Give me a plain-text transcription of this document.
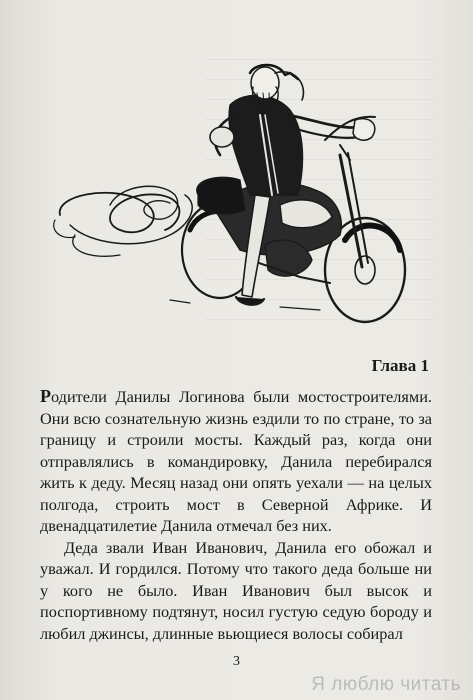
Глава 1

Родители Данилы Логинова были мостостроителями. Они всю сознательную жизнь ездили то по стране, то за границу и строили мосты. Каждый раз, когда они отправлялись в командировку, Данила перебирался жить к деду. Месяц назад они опять уехали — на целых полгода, строить мост в Северной Африке. И двенадцатилетие Данила отмечал без них.

Деда звали Иван Иванович, Данила его обожал и уважал. И гордился. Потому что такого деда больше ни у кого не было. Иван Иванович был высок и поспортивному подтянут, носил густую седую бороду и любил джинсы, длинные вьющиеся волосы собирал

3
Я люблю читать
